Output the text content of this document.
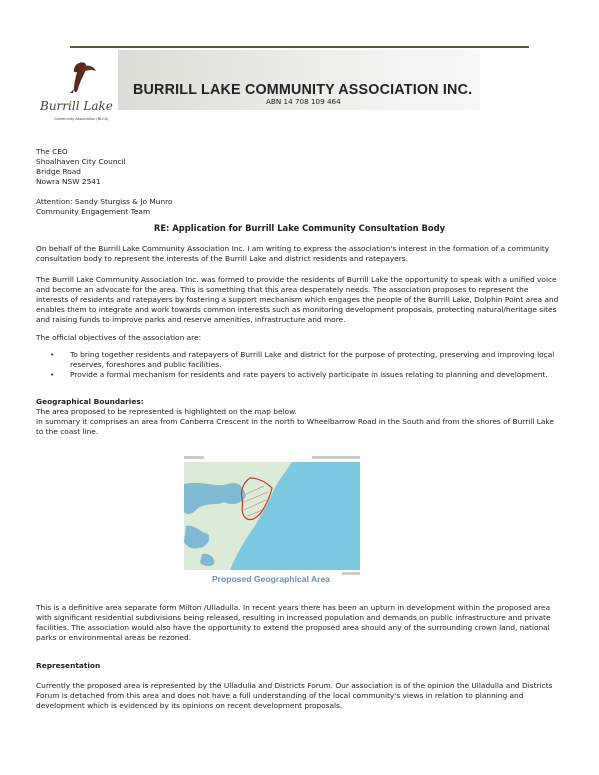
Burrill Lake
Community Association (BLCA)
BURRILL LAKE COMMUNITY ASSOCIATION INC.
ABN 14 708 109 464
The CEO
Shoalhaven City Council
Bridge Road
Nowra NSW 2541
Attention: Sandy Sturgiss & Jo Munro
Community Engagement Team
RE: Application for Burrill Lake Community Consultation Body
On behalf of the Burrill Lake Community Association Inc. I am writing to express the association's interest in the formation of a community consultation body to represent the interests of the Burrill Lake and district residents and ratepayers.
The Burrill Lake Community Association Inc. was formed to provide the residents of Burrill Lake the opportunity to speak with a unified voice and become an advocate for the area. This is something that this area desperately needs. The association proposes to represent the interests of residents and ratepayers by fostering a support mechanism which engages the people of the Burrill Lake, Dolphin Point area and enables them to integrate and work towards common interests such as monitoring development proposals, protecting natural/heritage sites and raising funds to improve parks and reserve amenities, infrastructure and more.
The official objectives of the association are:
• To bring together residents and ratepayers of Burrill Lake and district for the purpose of protecting, preserving and improving local reserves, foreshores and public facilities.
• Provide a formal mechanism for residents and rate payers to actively participate in issues relating to planning and development.
Geographical Boundaries:
The area proposed to be represented is highlighted on the map below.
In summary it comprises an area from Canberra Crescent in the north to Wheelbarrow Road in the South and from the shores of Burrill Lake to the coast line.
Proposed Geographical Area
This is a definitive area separate form Milton /Ulladulla. In recent years there has been an upturn in development within the proposed area with significant residential subdivisions being released, resulting in increased population and demands on public infrastructure and private facilities. The association would also have the opportunity to extend the proposed area should any of the surrounding crown land, national parks or environmental areas be rezoned.
Representation
Currently the proposed area is represented by the Ulladulla and Districts Forum. Our association is of the opinion the Ulladulla and Districts Forum is detached from this area and does not have a full understanding of the local community's views in relation to planning and development which is evidenced by its opinions on recent development proposals.
